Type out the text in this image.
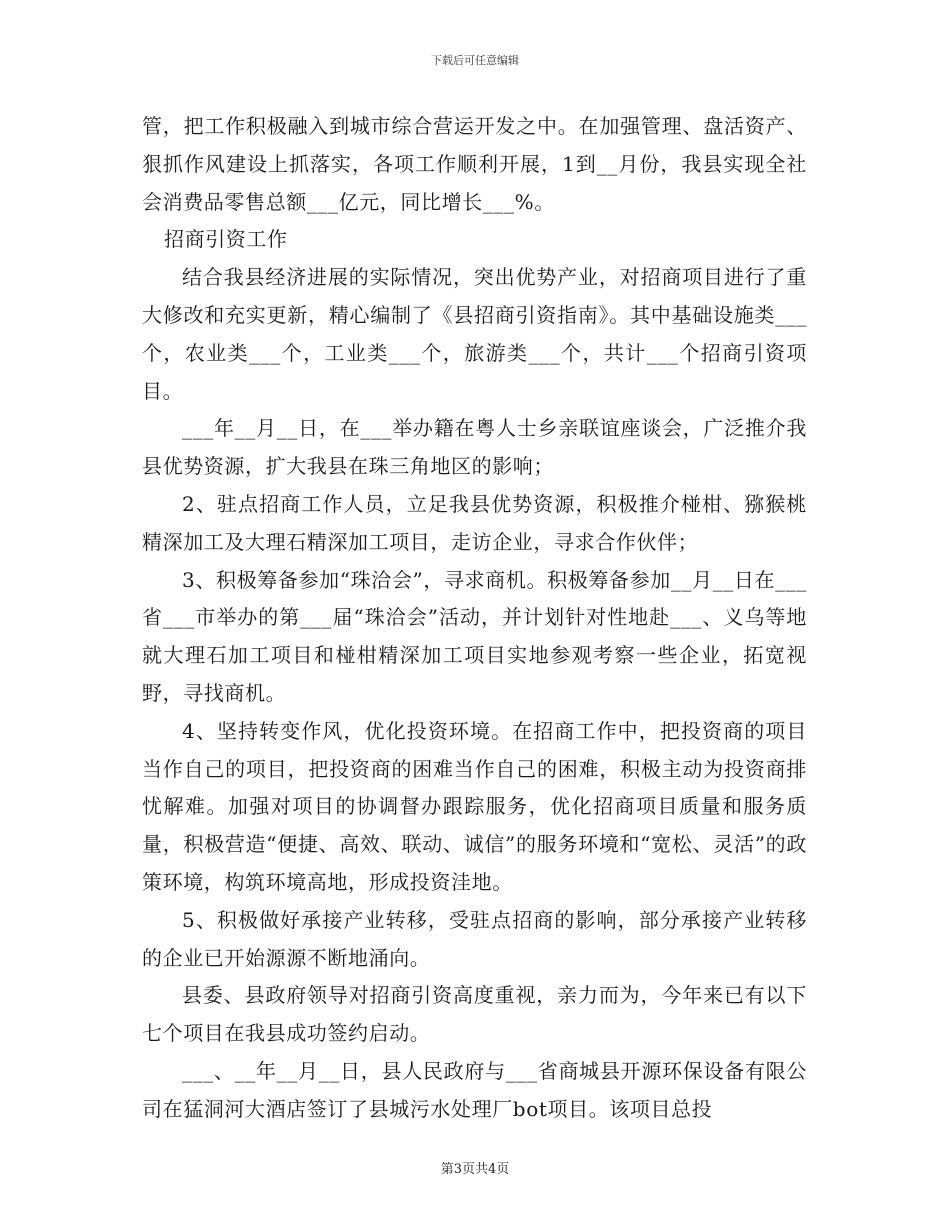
下载后可任意编辑

管，把工作积极融入到城市综合营运开发之中。在加强管理、盘活资产、狠抓作风建设上抓落实，各项工作顺利开展，1到__月份，我县实现全社会消费品零售总额___亿元，同比增长___%。

招商引资工作

结合我县经济进展的实际情况，突出优势产业，对招商项目进行了重大修改和充实更新，精心编制了《县招商引资指南》。其中基础设施类___个，农业类___个，工业类___个，旅游类___个，共计___个招商引资项目。

___年__月__日，在___举办籍在粤人士乡亲联谊座谈会，广泛推介我县优势资源，扩大我县在珠三角地区的影响；

2、驻点招商工作人员，立足我县优势资源，积极推介椪柑、猕猴桃精深加工及大理石精深加工项目，走访企业，寻求合作伙伴；

3、积极筹备参加“珠洽会”，寻求商机。积极筹备参加__月__日在___省___市举办的第___届“珠洽会”活动，并计划针对性地赴___、义乌等地就大理石加工项目和椪柑精深加工项目实地参观考察一些企业，拓宽视野，寻找商机。

4、坚持转变作风，优化投资环境。在招商工作中，把投资商的项目当作自己的项目，把投资商的困难当作自己的困难，积极主动为投资商排忧解难。加强对项目的协调督办跟踪服务，优化招商项目质量和服务质量，积极营造“便捷、高效、联动、诚信”的服务环境和“宽松、灵活”的政策环境，构筑环境高地，形成投资洼地。

5、积极做好承接产业转移，受驻点招商的影响，部分承接产业转移的企业已开始源源不断地涌向。

县委、县政府领导对招商引资高度重视，亲力而为，今年来已有以下七个项目在我县成功签约启动。

___、__年__月__日，县人民政府与___省商城县开源环保设备有限公司在猛洞河大酒店签订了县城污水处理厂bot项目。该项目总投

第3页共4页
